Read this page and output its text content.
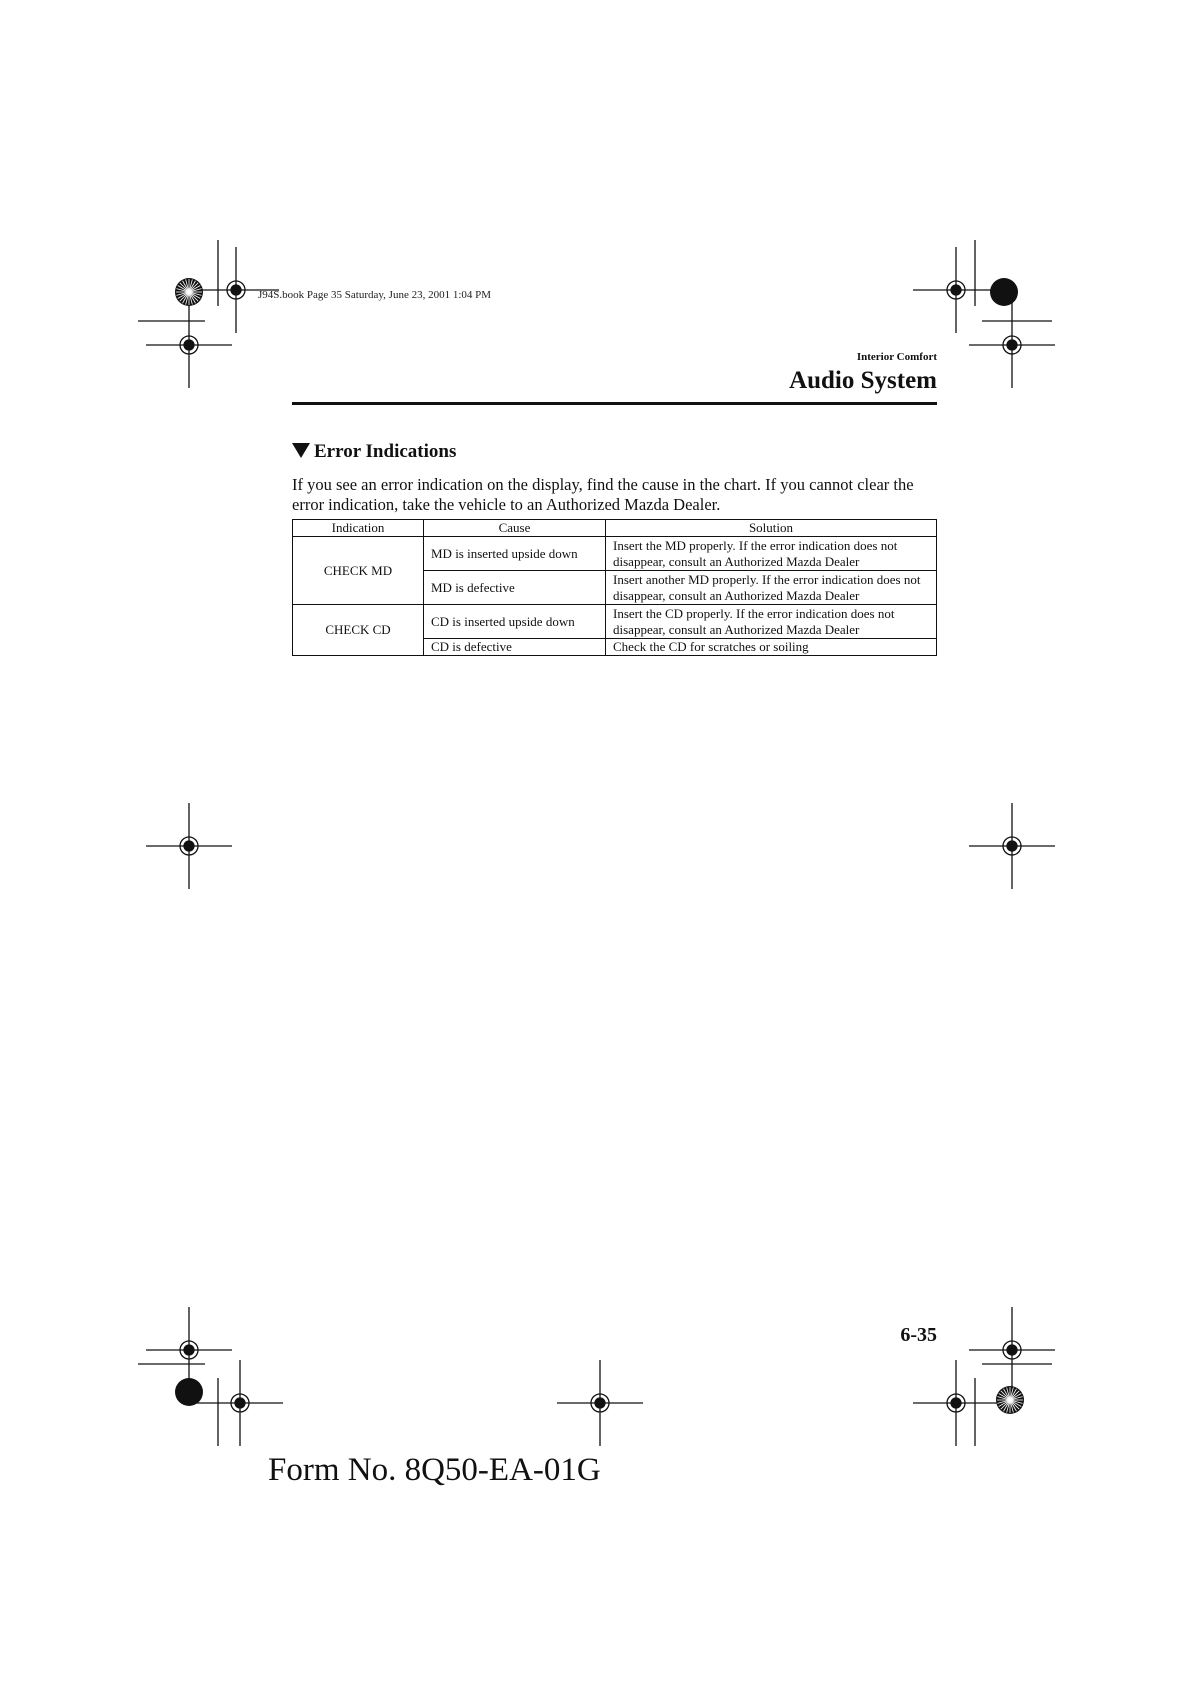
J94S.book Page 35 Saturday, June 23, 2001 1:04 PM
Interior Comfort
Audio System
Error Indications
If you see an error indication on the display, find the cause in the chart. If you cannot clear the error indication, take the vehicle to an Authorized Mazda Dealer.
Indication	Cause	Solution
CHECK MD	MD is inserted upside down	Insert the MD properly. If the error indication does not disappear, consult an Authorized Mazda Dealer
	MD is defective	Insert another MD properly. If the error indication does not disappear, consult an Authorized Mazda Dealer
CHECK CD	CD is inserted upside down	Insert the CD properly. If the error indication does not disappear, consult an Authorized Mazda Dealer
	CD is defective	Check the CD for scratches or soiling
6-35
Form No. 8Q50-EA-01G
